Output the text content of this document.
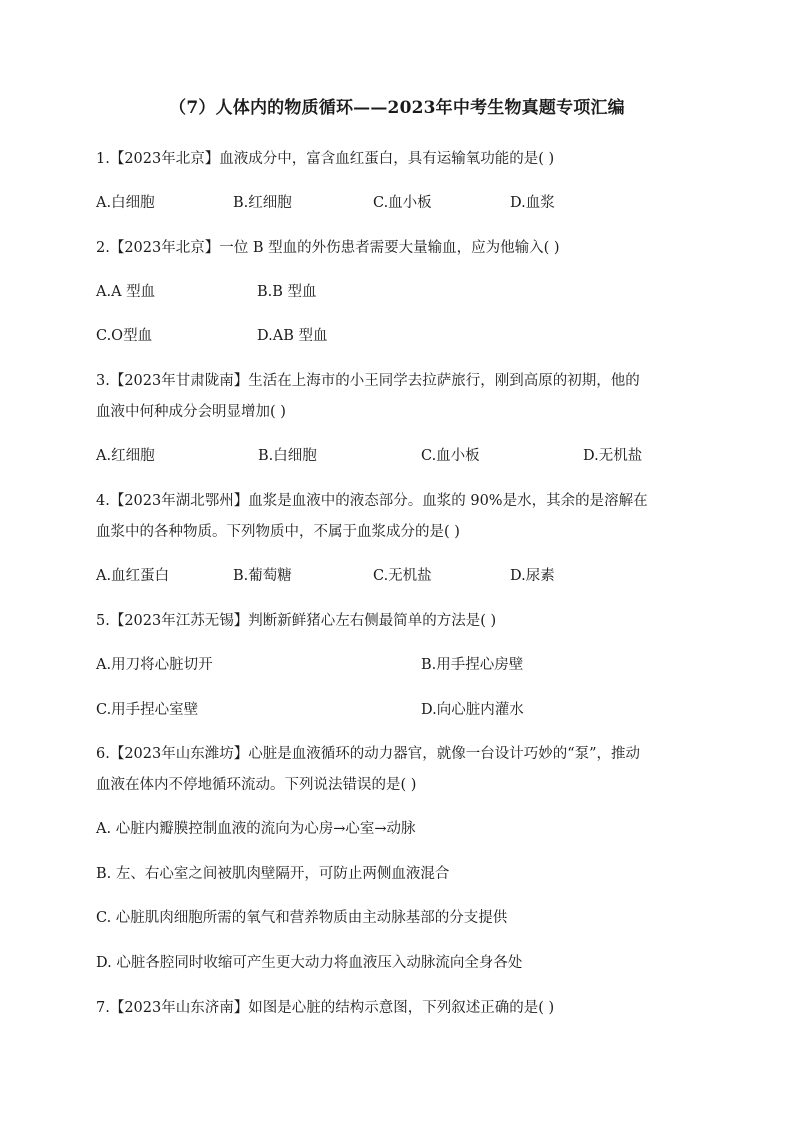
（7）人体内的物质循环——2023年中考生物真题专项汇编
1.【2023年北京】血液成分中，富含血红蛋白，具有运输氧功能的是( )
A.白细胞	B.红细胞	C.血小板	D.血浆
2.【2023年北京】一位 B 型血的外伤患者需要大量输血，应为他输入( )
A.A 型血	B.B 型血
C.O型血	D.AB 型血
3.【2023年甘肃陇南】生活在上海市的小王同学去拉萨旅行，刚到高原的初期，他的
血液中何种成分会明显增加( )
A.红细胞	B.白细胞	C.血小板	D.无机盐
4.【2023年湖北鄂州】血浆是血液中的液态部分。血浆的 90%是水，其余的是溶解在
血浆中的各种物质。下列物质中，不属于血浆成分的是( )
A.血红蛋白	B.葡萄糖	C.无机盐	D.尿素
5.【2023年江苏无锡】判断新鲜猪心左右侧最简单的方法是( )
A.用刀将心脏切开	B.用手捏心房壁
C.用手捏心室壁	D.向心脏内灌水
6.【2023年山东潍坊】心脏是血液循环的动力器官，就像一台设计巧妙的“泵”，推动
血液在体内不停地循环流动。下列说法错误的是( )
A. 心脏内瓣膜控制血液的流向为心房→心室→动脉
B. 左、右心室之间被肌肉壁隔开，可防止两侧血液混合
C. 心脏肌肉细胞所需的氧气和营养物质由主动脉基部的分支提供
D. 心脏各腔同时收缩可产生更大动力将血液压入动脉流向全身各处
7.【2023年山东济南】如图是心脏的结构示意图，下列叙述正确的是( )
